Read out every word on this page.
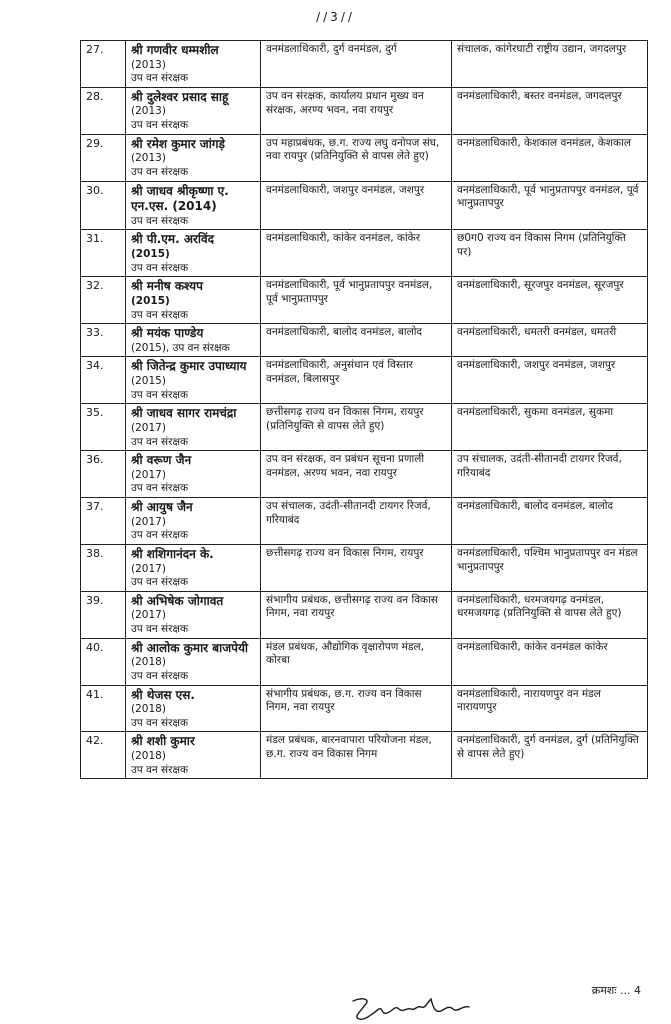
//3//
27.	श्री गणवीर धम्मशील
(2013)
उप वन संरक्षक	वनमंडलाधिकारी, दुर्ग वनमंडल, दुर्ग	संचालक, कांगेरघाटी राष्ट्रीय उद्यान, जगदलपुर
28.	श्री दुलेश्वर प्रसाद साहू
(2013)
उप वन संरक्षक	उप वन संरक्षक, कार्यालय प्रधान मुख्य वन संरक्षक, अरण्य भवन, नवा रायपुर	वनमंडलाधिकारी, बस्तर वनमंडल, जगदलपुर
29.	श्री रमेश कुमार जांगड़े
(2013)
उप वन संरक्षक	उप महाप्रबंधक, छ.ग. राज्य लघु वनोपज संघ, नवा रायपुर (प्रतिनियुक्ति से वापस लेते हुए)	वनमंडलाधिकारी, केशकाल वनमंडल, केशकाल
30.	श्री जाधव श्रीकृष्णा ए. एन.एस. (2014)
उप वन संरक्षक	वनमंडलाधिकारी, जशपुर वनमंडल, जशपुर	वनमंडलाधिकारी, पूर्व भानुप्रतापपुर वनमंडल, पूर्व भानुप्रतापपुर
31.	श्री पी.एम. अरविंद
(2015)
उप वन संरक्षक	वनमंडलाधिकारी, कांकेर वनमंडल, कांकेर	छ0ग0 राज्य वन विकास निगम (प्रतिनियुक्ति पर)
32.	श्री मनीष कश्यप
(2015)
उप वन संरक्षक	वनमंडलाधिकारी, पूर्व भानुप्रतापपुर वनमंडल, पूर्व भानुप्रतापपुर	वनमंडलाधिकारी, सूरजपुर वनमंडल, सूरजपुर
33.	श्री मयंक पाण्डेय
(2015), उप वन संरक्षक	वनमंडलाधिकारी, बालोद वनमंडल, बालोद	वनमंडलाधिकारी, धमतरी वनमंडल, धमतरी
34.	श्री जितेन्द्र कुमार उपाध्याय
(2015)
उप वन संरक्षक	वनमंडलाधिकारी, अनुसंधान एवं विस्तार वनमंडल, बिलासपुर	वनमंडलाधिकारी, जशपुर वनमंडल, जशपुर
35.	श्री जाधव सागर रामचंद्रा
(2017)
उप वन संरक्षक	छत्तीसगढ़ राज्य वन विकास निगम, रायपुर (प्रतिनियुक्ति से वापस लेते हुए)	वनमंडलाधिकारी, सुकमा वनमंडल, सुकमा
36.	श्री वरूण जैन
(2017)
उप वन संरक्षक	उप वन संरक्षक, वन प्रबंधन सूचना प्रणाली वनमंडल, अरण्य भवन, नवा रायपुर	उप संचालक, उदंती-सीतानदी टायगर रिजर्व, गरियाबंद
37.	श्री आयुष जैन
(2017)
उप वन संरक्षक	उप संचालक, उदंती-सीतानदी टायगर रिजर्व, गरियाबंद	वनमंडलाधिकारी, बालोद वनमंडल, बालोद
38.	श्री शशिगानंदन के.
(2017)
उप वन संरक्षक	छत्तीसगढ़ राज्य वन विकास निगम, रायपुर	वनमंडलाधिकारी, पश्चिम भानुप्रतापपुर वन मंडल भानुप्रतापपुर
39.	श्री अभिषेक जोगावत
(2017)
उप वन संरक्षक	संभागीय प्रबंधक, छत्तीसगढ़ राज्य वन विकास निगम, नवा रायपुर	वनमंडलाधिकारी, धरमजयगढ़ वनमंडल, धरमजयगढ़ (प्रतिनियुक्ति से वापस लेते हुए)
40.	श्री आलोक कुमार बाजपेयी
(2018)
उप वन संरक्षक	मंडल प्रबंधक, औद्योगिक वृक्षारोपण मंडल, कोरबा	वनमंडलाधिकारी, कांकेर वनमंडल कांकेर
41.	श्री थेजस एस.
(2018)
उप वन संरक्षक	संभागीय प्रबंधक, छ.ग. राज्य वन विकास निगम, नवा रायपुर	वनमंडलाधिकारी, नारायणपुर वन मंडल नारायणपुर
42.	श्री शशी कुमार
(2018)
उप वन संरक्षक	मंडल प्रबंधक, बारनवापारा परियोजना मंडल, छ.ग. राज्य वन विकास निगम	वनमंडलाधिकारी, दुर्ग वनमंडल, दुर्ग (प्रतिनियुक्ति से वापस लेते हुए)
क्रमशः ... 4
